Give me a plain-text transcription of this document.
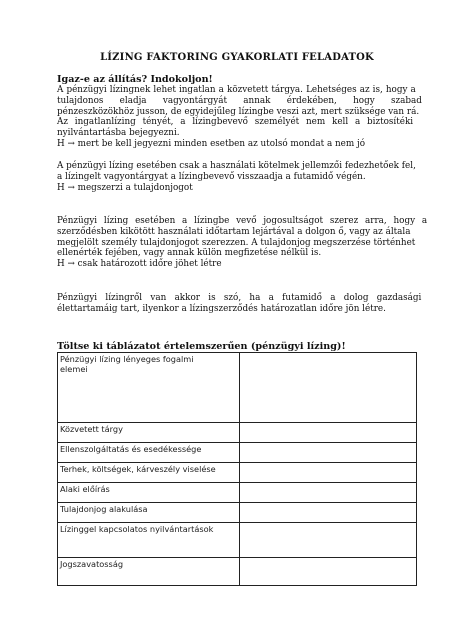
LÍZING FAKTORING GYAKORLATI FELADATOK
Igaz-e az állítás? Indokoljon!
A pénzügyi lízingnek lehet ingatlan a közvetett tárgya. Lehetséges az is, hogy a
tulajdonos eladja vagyontárgyát annak érdekében, hogy szabad
pénzeszközökhöz jusson, de egyidejűleg lízingbe veszi azt, mert szüksége van rá.
Az ingatlanlízing tényét, a lízingbevevő személyét nem kell a biztosítéki
nyilvántartásba bejegyezni.
H → mert be kell jegyezni minden esetben az utolsó mondat a nem jó
A pénzügyi lízing esetében csak a használati kötelmek jellemzői fedezhetőek fel,
a lízingelt vagyontárgyat a lízingbevevő visszaadja a futamidő végén.
H → megszerzi a tulajdonjogot
Pénzügyi lízing esetében a lízingbe vevő jogosultságot szerez arra, hogy a
szerződésben kikötött használati időtartam lejártával a dolgon ő, vagy az általa
megjelölt személy tulajdonjogot szerezzen. A tulajdonjog megszerzése történhet
ellenérték fejében, vagy annak külön megfizetése nélkül is.
H → csak határozott időre jöhet létre
Pénzügyi lízingről van akkor is szó, ha a futamidő a dolog gazdasági
élettartamáig tart, ilyenkor a lízingszerződés határozatlan időre jön létre.
Töltse ki táblázatot értelemszerűen (pénzügyi lízing)!
Pénzügyi lízing lényeges fogalmi
elemei	

Közvetett tárgy	

Ellenszolgáltatás és esedékessége	

Terhek, költségek, kárveszély viselése	

Alaki előírás	

Tulajdonjog alakulása	

Lízinggel kapcsolatos nyilvántartások	

Jogszavatosság	
